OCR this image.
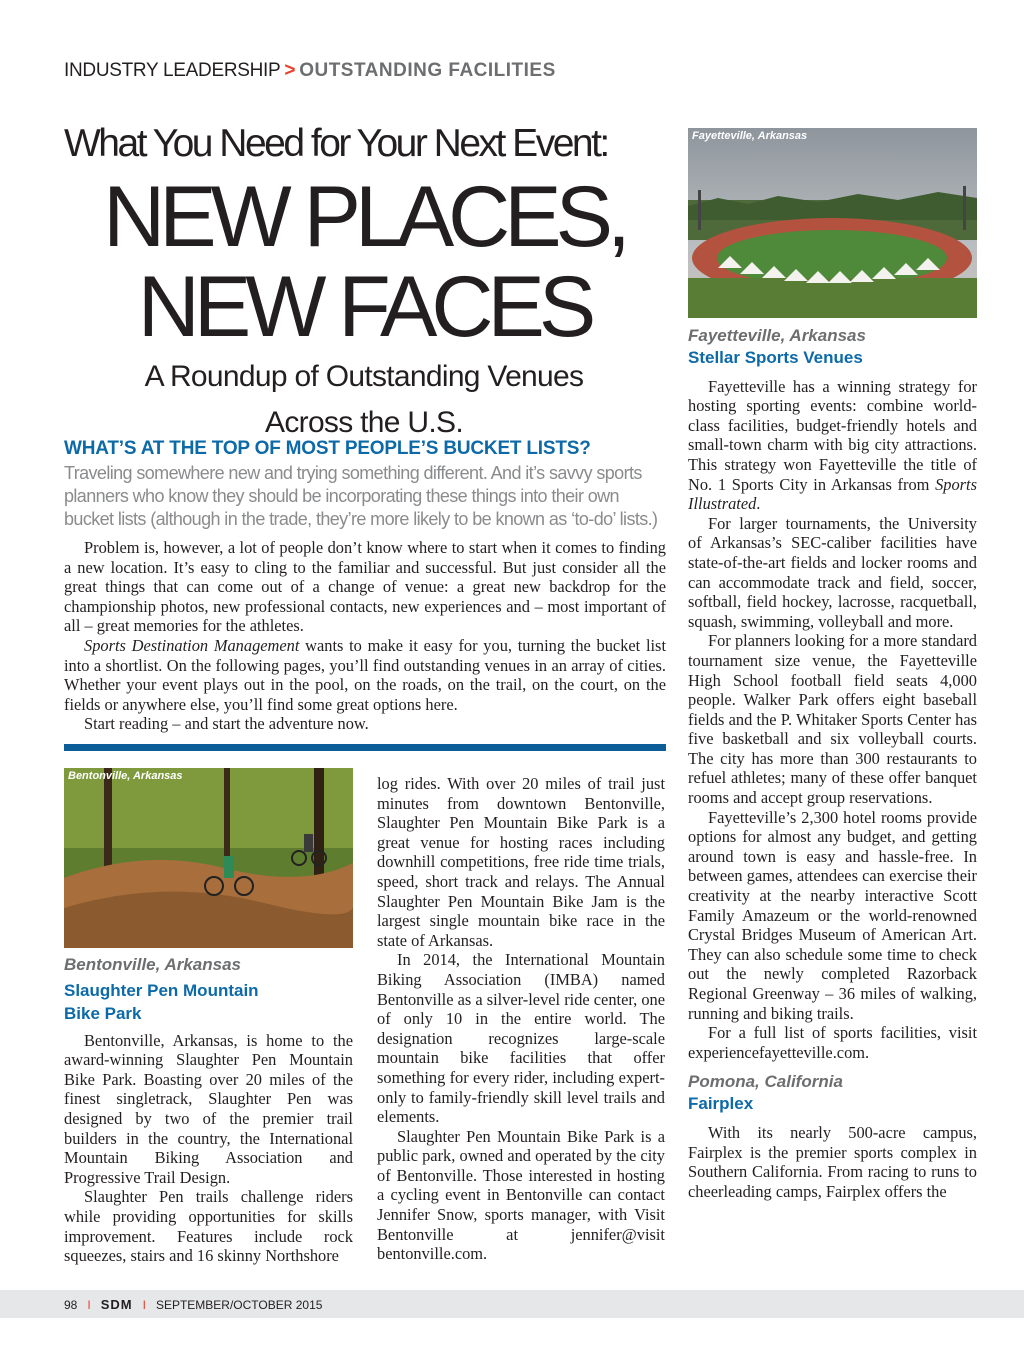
INDUSTRY LEADERSHIP > OUTSTANDING FACILITIES
What You Need for Your Next Event:
NEW PLACES,
NEW FACES
A Roundup of Outstanding Venues
Across the U.S.
WHAT’S AT THE TOP OF MOST PEOPLE’S BUCKET LISTS?
Traveling somewhere new and trying something different. And it’s savvy sports planners who know they should be incorporating these things into their own bucket lists (although in the trade, they’re more likely to be known as ‘to-do’ lists.)

Problem is, however, a lot of people don’t know where to start when it comes to finding a new location. It’s easy to cling to the familiar and successful. But just consider all the great things that can come out of a change of venue: a great new backdrop for the championship photos, new professional contacts, new experiences and – most important of all – great memories for the athletes.

Sports Destination Management wants to make it easy for you, turning the bucket list into a shortlist. On the following pages, you’ll find outstanding venues in an array of cities. Whether your event plays out in the pool, on the roads, on the trail, on the court, on the fields or anywhere else, you’ll find some great options here.

Start reading – and start the adventure now.

Fayetteville, Arkansas
Bentonville, Arkansas
Bentonville, Arkansas
Slaughter Pen Mountain
Bike Park

Bentonville, Arkansas, is home to the award-winning Slaughter Pen Mountain Bike Park. Boasting over 20 miles of the finest singletrack, Slaughter Pen was designed by two of the premier trail builders in the country, the International Mountain Biking Association and Progressive Trail Design.

Slaughter Pen trails challenge riders while providing opportunities for skills improvement. Features include rock squeezes, stairs and 16 skinny Northshore

log rides. With over 20 miles of trail just minutes from downtown Bentonville, Slaughter Pen Mountain Bike Park is a great venue for hosting races including downhill competitions, free ride time trials, speed, short track and relays. The Annual Slaughter Pen Mountain Bike Jam is the largest single mountain bike race in the state of Arkansas.

In 2014, the International Mountain Biking Association (IMBA) named Bentonville as a silver-level ride center, one of only 10 in the entire world. The designation recognizes large-scale mountain bike facilities that offer something for every rider, including expert-only to family-friendly skill level trails and elements.

Slaughter Pen Mountain Bike Park is a public park, owned and operated by the city of Bentonville. Those interested in hosting a cycling event in Bentonville can contact Jennifer Snow, sports manager, with Visit Bentonville at jennifer@visit bentonville.com.

Fayetteville, Arkansas
Stellar Sports Venues

Fayetteville has a winning strategy for hosting sporting events: combine world-class facilities, budget-friendly hotels and small-town charm with big city attractions. This strategy won Fayetteville the title of No. 1 Sports City in Arkansas from Sports Illustrated.

For larger tournaments, the University of Arkansas’s SEC-caliber facilities have state-of-the-art fields and locker rooms and can accommodate track and field, soccer, softball, field hockey, lacrosse, racquetball, squash, swimming, volleyball and more.

For planners looking for a more standard tournament size venue, the Fayetteville High School football field seats 4,000 people. Walker Park offers eight baseball fields and the P. Whitaker Sports Center has five basketball and six volleyball courts. The city has more than 300 restaurants to refuel athletes; many of these offer banquet rooms and accept group reservations.

Fayetteville’s 2,300 hotel rooms provide options for almost any budget, and getting around town is easy and hassle-free. In between games, attendees can exercise their creativity at the nearby interactive Scott Family Amazeum or the world-renowned Crystal Bridges Museum of American Art. They can also schedule some time to check out the newly completed Razorback Regional Greenway – 36 miles of walking, running and biking trails.

For a full list of sports facilities, visit experiencefayetteville.com.

Pomona, California
Fairplex

With its nearly 500-acre campus, Fairplex is the premier sports complex in Southern California. From racing to runs to cheerleading camps, Fairplex offers the

98 I SDM I SEPTEMBER/OCTOBER 2015
